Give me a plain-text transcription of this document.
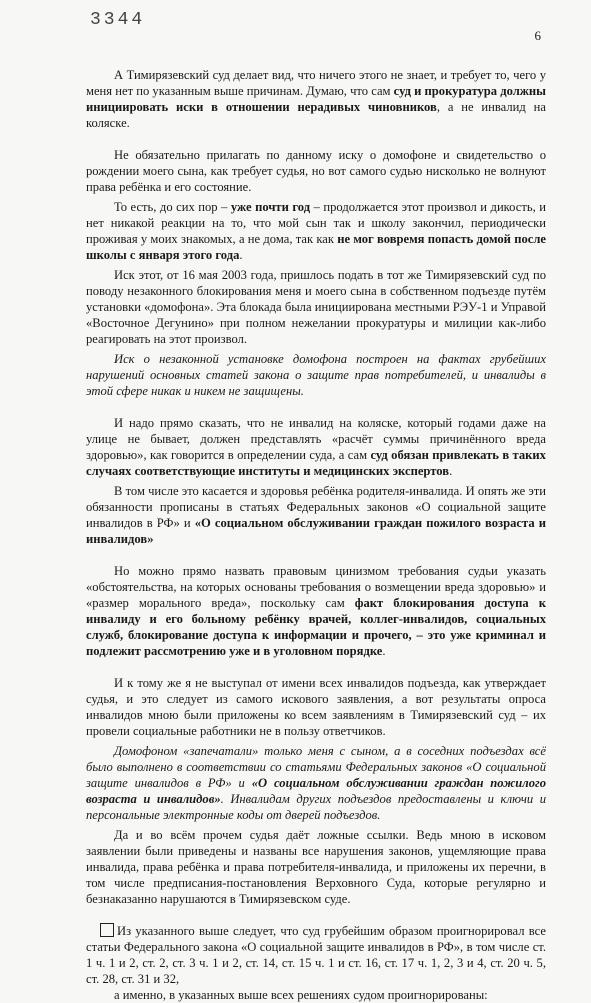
3344
6

А Тимирязевский суд делает вид, что ничего этого не знает, и требует то, чего у меня нет по указанным выше причинам. Думаю, что сам суд и прокуратура должны инициировать иски в отношении нерадивых чиновников, а не инвалид на коляске.

Не обязательно прилагать по данному иску о домофоне и свидетельство о рождении моего сына, как требует судья, но вот самого судью нисколько не волнуют права ребёнка и его состояние.

То есть, до сих пор – уже почти год – продолжается этот произвол и дикость, и нет никакой реакции на то, что мой сын так и школу закончил, периодически проживая у моих знакомых, а не дома, так как не мог вовремя попасть домой после школы с января этого года.

Иск этот, от 16 мая 2003 года, пришлось подать в тот же Тимирязевский суд по поводу незаконного блокирования меня и моего сына в собственном подъезде путём установки «домофона». Эта блокада была инициирована местными РЭУ-1 и Управой «Восточное Дегунино» при полном нежелании прокуратуры и милиции как-либо реагировать на этот произвол.

Иск о незаконной установке домофона построен на фактах грубейших нарушений основных статей закона о защите прав потребителей, и инвалиды в этой сфере никак и никем не защищены.

И надо прямо сказать, что не инвалид на коляске, который годами даже на улице не бывает, должен представлять «расчёт суммы причинённого вреда здоровью», как говорится в определении суда, а сам суд обязан привлекать в таких случаях соответствующие институты и медицинских экспертов.

В том числе это касается и здоровья ребёнка родителя-инвалида. И опять же эти обязанности прописаны в статьях Федеральных законов «О социальной защите инвалидов в РФ» и «О социальном обслуживании граждан пожилого возраста и инвалидов»

Но можно прямо назвать правовым цинизмом требования судьи указать «обстоятельства, на которых основаны требования о возмещении вреда здоровью» и «размер морального вреда», поскольку сам факт блокирования доступа к инвалиду и его больному ребёнку врачей, коллег-инвалидов, социальных служб, блокирование доступа к информации и прочего, – это уже криминал и подлежит рассмотрению уже и в уголовном порядке.

И к тому же я не выступал от имени всех инвалидов подъезда, как утверждает судья, и это следует из самого искового заявления, а вот результаты опроса инвалидов мною были приложены ко всем заявлениям в Тимирязевский суд – их провели социальные работники не в пользу ответчиков.

Домофоном «запечатали» только меня с сыном, а в соседних подъездах всё было выполнено в соответствии со статьями Федеральных законов «О социальной защите инвалидов в РФ» и «О социальном обслуживании граждан пожилого возраста и инвалидов». Инвалидам других подъездов предоставлены и ключи и персональные электронные коды от дверей подъездов.

Да и во всём прочем судья даёт ложные ссылки. Ведь мною в исковом заявлении были приведены и названы все нарушения законов, ущемляющие права инвалида, права ребёнка и права потребителя-инвалида, и приложены их перечни, в том числе предписания-постановления Верховного Суда, которые регулярно и безнаказанно нарушаются в Тимирязевском суде.

Из указанного выше следует, что суд грубейшим образом проигнорировал все статьи Федерального закона «О социальной защите инвалидов в РФ», в том числе ст. 1 ч. 1 и 2, ст. 2, ст. 3 ч. 1 и 2, ст. 14, ст. 15 ч. 1 и ст. 16, ст. 17 ч. 1, 2, 3 и 4, ст. 20 ч. 5, ст. 28, ст. 31 и 32,

а именно, в указанных выше всех решениях судом проигнорированы:
